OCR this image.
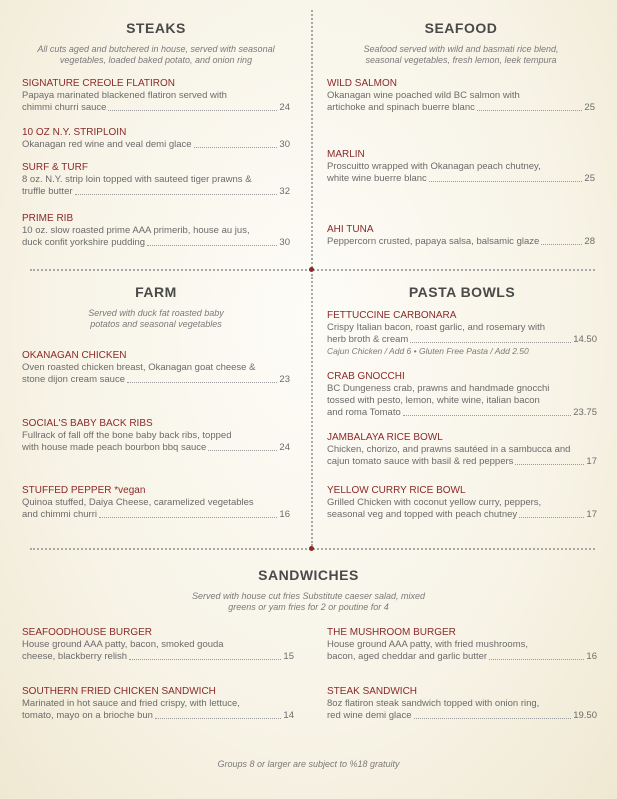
STEAKS

All cuts aged and butchered in house, served with seasonal
vegetables, loaded baked potato, and onion ring

SIGNATURE CREOLE FLATIRON
Papaya marinated blackened flatiron served with
chimmi churri sauce	24
10 OZ N.Y. STRIPLOIN
Okanagan red wine and veal demi glace	30
SURF & TURF
8 oz. N.Y. strip loin topped with sauteed tiger prawns &
truffle butter	32
PRIME RIB
10 oz. slow roasted prime AAA primerib, house au jus,
duck confit yorkshire pudding	30
SEAFOOD

Seafood served with wild and basmati rice blend,
seasonal vegetables, fresh lemon, leek tempura

WILD SALMON
Okanagan wine poached wild BC salmon with
artichoke and spinach buerre blanc	25
MARLIN
Proscuitto wrapped with Okanagan peach chutney,
white wine buerre blanc	25
AHI TUNA
Peppercorn crusted, papaya salsa, balsamic glaze	28
FARM

Served with duck fat roasted baby
potatos and seasonal vegetables

OKANAGAN CHICKEN
Oven roasted chicken breast, Okanagan goat cheese &
stone dijon cream sauce	23
SOCIAL'S BABY BACK RIBS
Fullrack of fall off the bone baby back ribs, topped
with house made peach bourbon bbq sauce	24
STUFFED PEPPER *vegan
Quinoa stuffed, Daiya Cheese, caramelized vegetables
and chimmi churri	16
PASTA BOWLS
FETTUCCINE CARBONARA
Crispy Italian bacon, roast garlic, and rosemary with
herb broth & cream	14.50
Cajun Chicken / Add 6 • Gluten Free Pasta / Add 2.50
CRAB GNOCCHI
BC Dungeness crab, prawns and handmade gnocchi
tossed with pesto, lemon, white wine, italian bacon
and roma Tomato	23.75
JAMBALAYA RICE BOWL
Chicken, chorizo, and prawns sautéed in a sambucca and
cajun tomato sauce with basil & red peppers	17
YELLOW CURRY RICE BOWL
Grilled Chicken with coconut yellow curry, peppers,
seasonal veg and topped with peach chutney	17
SANDWICHES

Served with house cut fries Substitute caeser salad, mixed
greens or yam fries for 2 or poutine for 4

SEAFOODHOUSE BURGER
House ground AAA patty, bacon, smoked gouda
cheese, blackberry relish	15
SOUTHERN FRIED CHICKEN SANDWICH
Marinated in hot sauce and fried crispy, with lettuce,
tomato, mayo on a brioche bun	14
THE MUSHROOM BURGER
House ground AAA patty, with fried mushrooms,
bacon, aged cheddar and garlic butter	16
STEAK SANDWICH
8oz flatiron steak sandwich topped with onion ring,
red wine demi glace	19.50
Groups 8 or larger are subject to %18 gratuity
